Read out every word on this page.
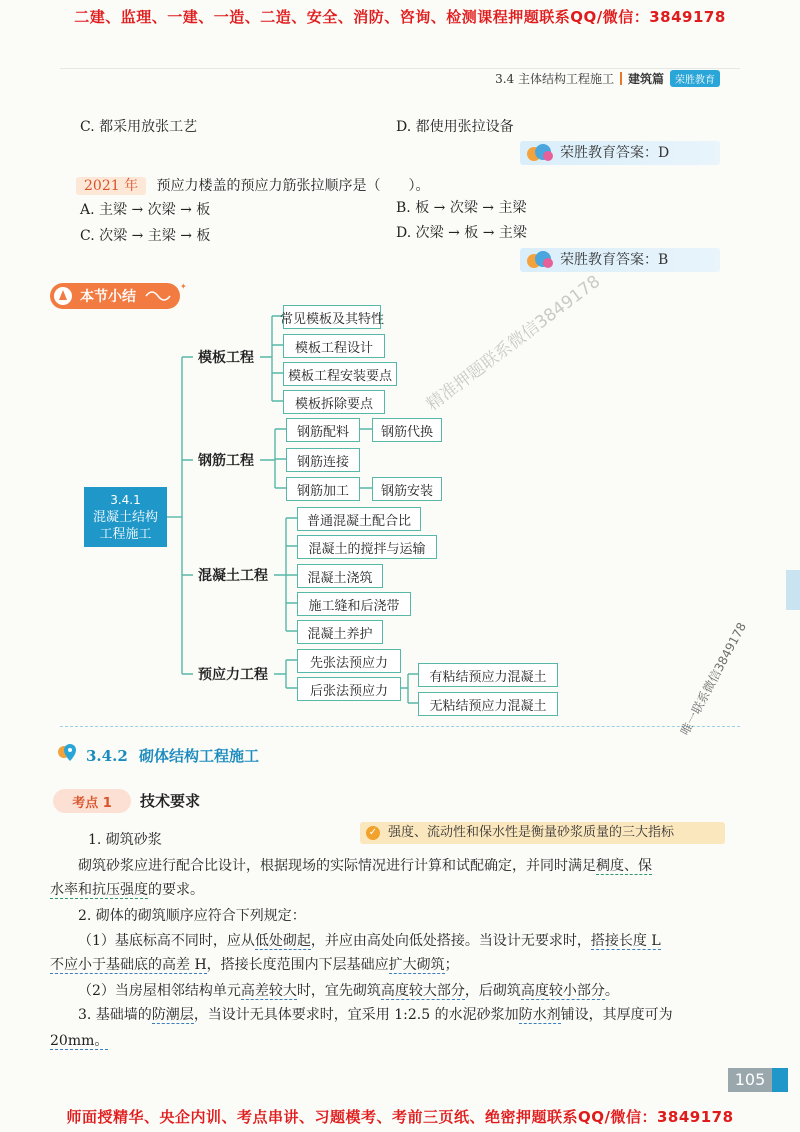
二建、监理、一建、一造、二造、安全、消防、咨询、检测课程押题联系QQ/微信：3849178
3.4 主体结构工程施工 建筑篇	荣胜教育
C. 都采用放张工艺	D. 都使用张拉设备
荣胜教育答案：D
2021 年 预应力楼盖的预应力筋张拉顺序是（　　）。
A. 主梁 → 次梁 → 板	B. 板 → 次梁 → 主梁
C. 次梁 → 主梁 → 板	D. 次梁 → 板 → 主梁
荣胜教育答案：B
✦
本节小结
3.4.1
混凝土结构
工程施工
模板工程
常见模板及其特性
模板工程设计
模板工程安装要点
模板拆除要点
钢筋工程
钢筋配料
钢筋连接
钢筋加工
钢筋代换
钢筋安装
混凝土工程
普通混凝土配合比
混凝土的搅拌与运输
混凝土浇筑
施工缝和后浇带
混凝土养护
预应力工程
先张法预应力
后张法预应力
有粘结预应力混凝土
无粘结预应力混凝土
3.4.2 砌体结构工程施工
考点 1	技术要求
✓ 强度、流动性和保水性是衡量砂浆质量的三大指标
1. 砌筑砂浆
砌筑砂浆应进行配合比设计，根据现场的实际情况进行计算和试配确定，并同时满足稠度、保
水率和抗压强度的要求。
2. 砌体的砌筑顺序应符合下列规定：
（1）基底标高不同时，应从低处砌起，并应由高处向低处搭接。当设计无要求时，搭接长度 L
不应小于基础底的高差 H，搭接长度范围内下层基础应扩大砌筑；
（2）当房屋相邻结构单元高差较大时，宜先砌筑高度较大部分，后砌筑高度较小部分。
3. 基础墙的防潮层，当设计无具体要求时，宜采用 1:2.5 的水泥砂浆加防水剂铺设，其厚度可为
20mm。
精准押题联系微信3849178
唯一联系微信3849178
105
师面授精华、央企内训、考点串讲、习题模考、考前三页纸、绝密押题联系QQ/微信：3849178
